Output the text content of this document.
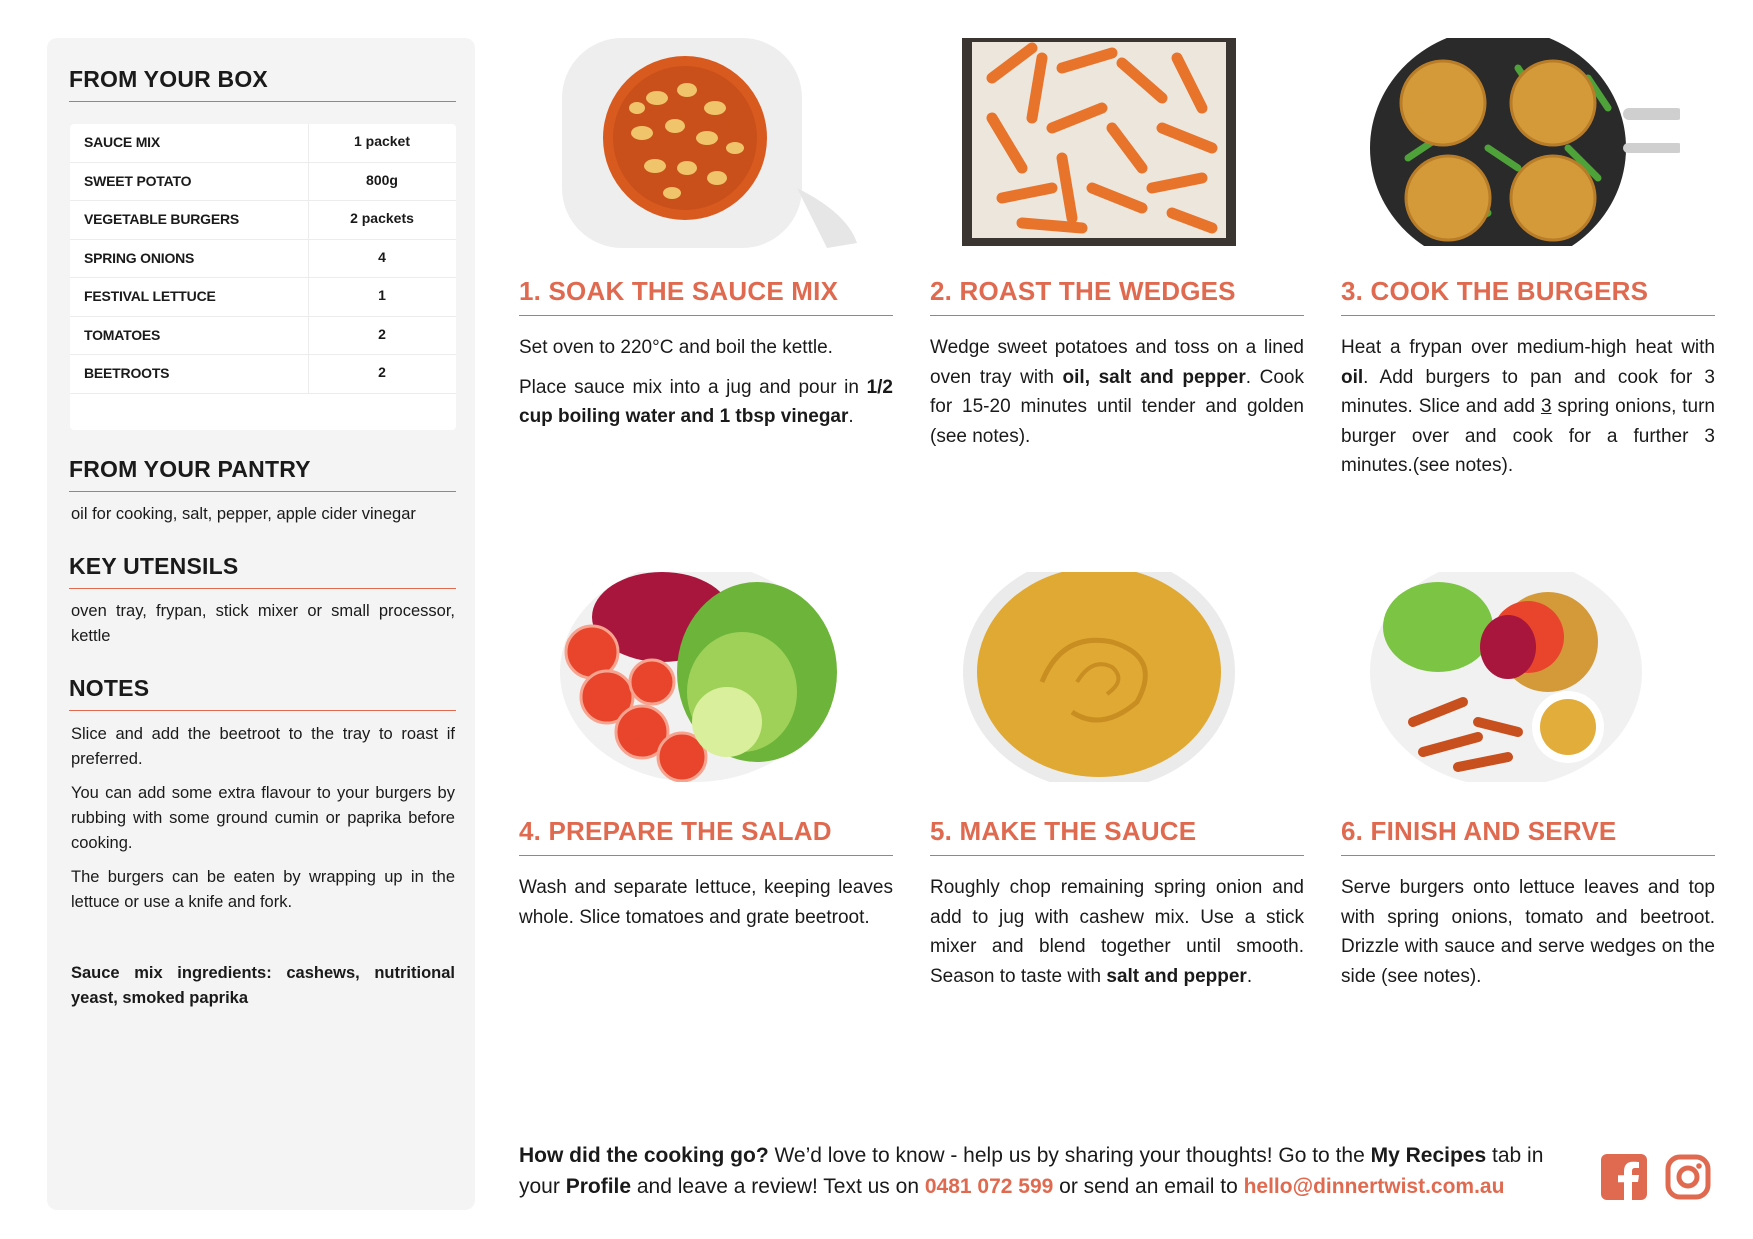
FROM YOUR BOX
SAUCE MIX	1 packet
SWEET POTATO	800g
VEGETABLE BURGERS	2 packets
SPRING ONIONS	4
FESTIVAL LETTUCE	1
TOMATOES	2
BEETROOTS	2
FROM YOUR PANTRY
oil for cooking, salt, pepper, apple cider vinegar
KEY UTENSILS
oven tray, frypan, stick mixer or small processor, kettle
NOTES
Slice and add the beetroot to the tray to roast if preferred.
You can add some extra flavour to your burgers by rubbing with some ground cumin or paprika before cooking.
The burgers can be eaten by wrapping up in the lettuce or use a knife and fork.
Sauce mix ingredients: cashews, nutritional yeast, smoked paprika
1. SOAK THE SAUCE MIX

Set oven to 220°C and boil the kettle.

Place sauce mix into a jug and pour in 1/2 cup boiling water and 1 tbsp vinegar.

2. ROAST THE WEDGES

Wedge sweet potatoes and toss on a lined oven tray with oil, salt and pepper. Cook for 15-20 minutes until tender and golden (see notes).

3. COOK THE BURGERS

Heat a frypan over medium-high heat with oil. Add burgers to pan and cook for 3 minutes. Slice and add 3 spring onions, turn burger over and cook for a further 3 minutes.(see notes).

4. PREPARE THE SALAD

Wash and separate lettuce, keeping leaves whole. Slice tomatoes and grate beetroot.

5. MAKE THE SAUCE

Roughly chop remaining spring onion and add to jug with cashew mix. Use a stick mixer and blend together until smooth. Season to taste with salt and pepper.

6. FINISH AND SERVE

Serve burgers onto lettuce leaves and top with spring onions, tomato and beetroot. Drizzle with sauce and serve wedges on the side (see notes).

How did the cooking go? We’d love to know - help us by sharing your thoughts! Go to the My Recipes tab in your Profile and leave a review! Text us on 0481 072 599 or send an email to hello@dinnertwist.com.au
